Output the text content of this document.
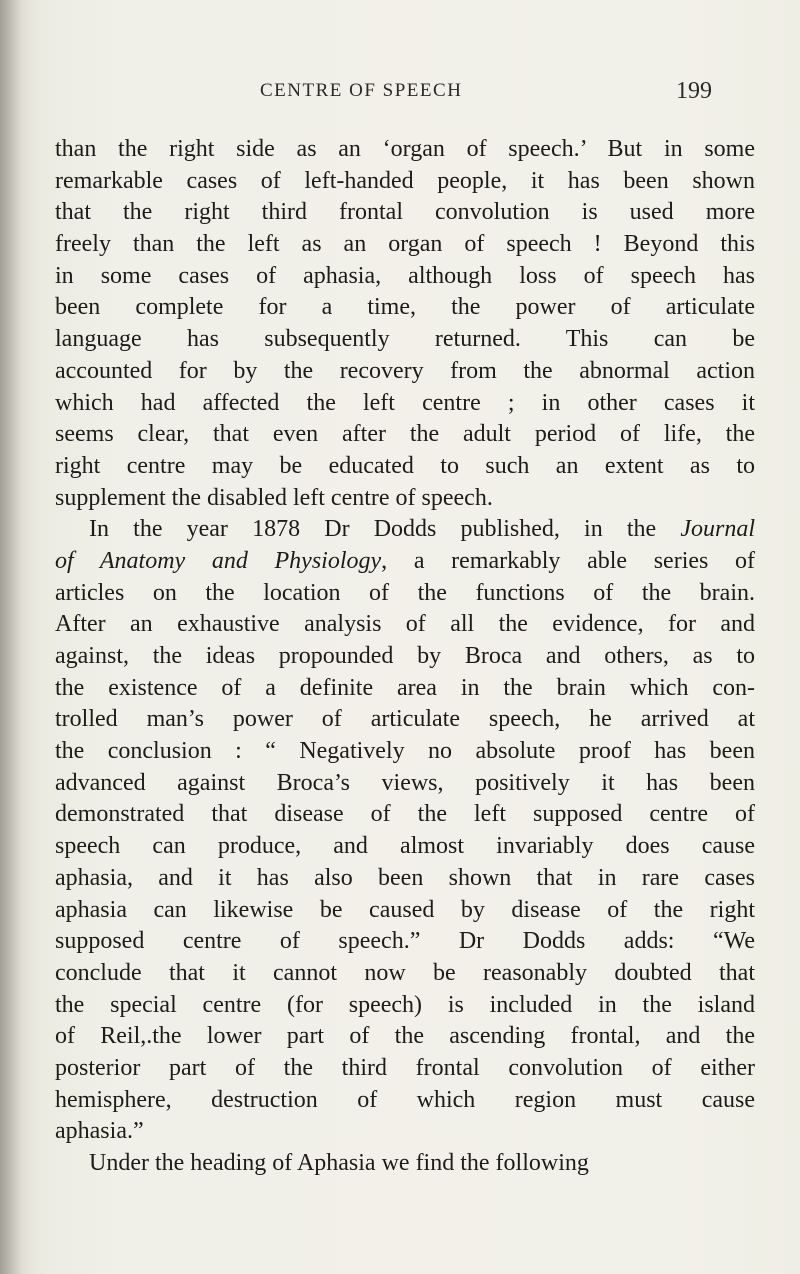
CENTRE OF SPEECH	199
than the right side as an ‘organ of speech.’ But in some
remarkable cases of left-handed people, it has been shown
that the right third frontal convolution is used more
freely than the left as an organ of speech ! Beyond this
in some cases of aphasia, although loss of speech has
been complete for a time, the power of articulate
language has subsequently returned. This can be
accounted for by the recovery from the abnormal action
which had affected the left centre ; in other cases it
seems clear, that even after the adult period of life, the
right centre may be educated to such an extent as to
supplement the disabled left centre of speech.
In the year 1878 Dr Dodds published, in the Journal
of Anatomy and Physiology, a remarkably able series of
articles on the location of the functions of the brain.
After an exhaustive analysis of all the evidence, for and
against, the ideas propounded by Broca and others, as to
the existence of a definite area in the brain which con-
trolled man’s power of articulate speech, he arrived at
the conclusion : “ Negatively no absolute proof has been
advanced against Broca’s views, positively it has been
demonstrated that disease of the left supposed centre of
speech can produce, and almost invariably does cause
aphasia, and it has also been shown that in rare cases
aphasia can likewise be caused by disease of the right
supposed centre of speech.” Dr Dodds adds: “We
conclude that it cannot now be reasonably doubted that
the special centre (for speech) is included in the island
of Reil,.the lower part of the ascending frontal, and the
posterior part of the third frontal convolution of either
hemisphere, destruction of which region must cause
aphasia.”
Under the heading of Aphasia we find the following
